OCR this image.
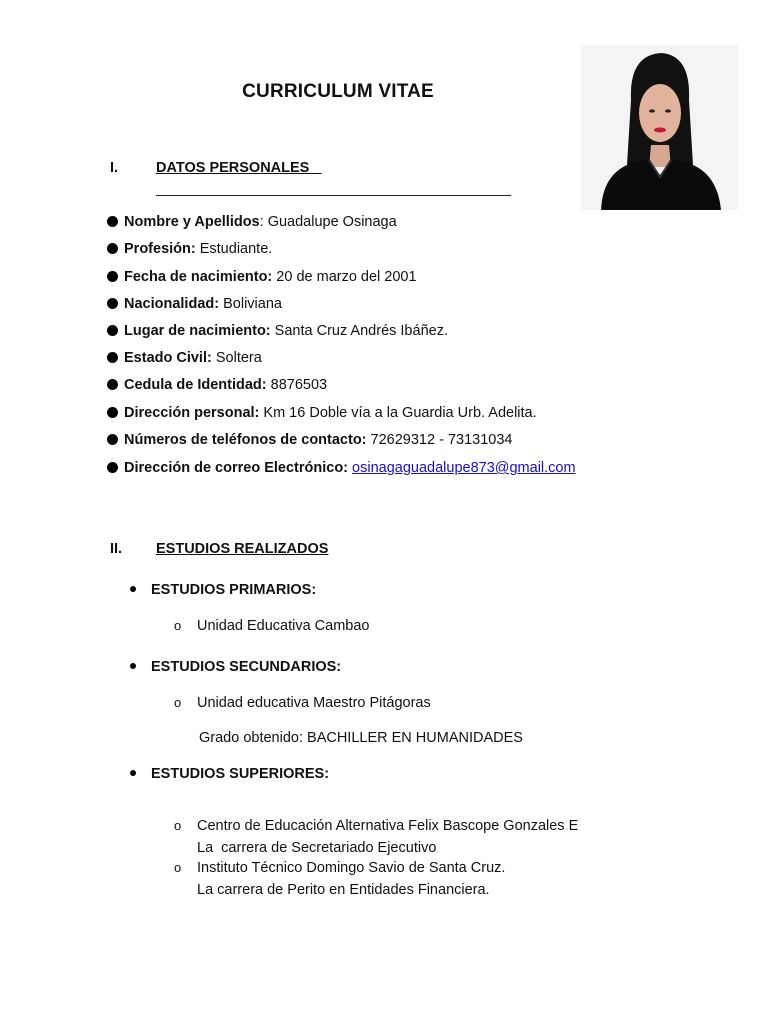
CURRICULUM VITAE
I.	DATOS PERSONALES
Nombre y Apellidos: Guadalupe Osinaga
Profesión: Estudiante.
Fecha de nacimiento: 20 de marzo del 2001
Nacionalidad: Boliviana
Lugar de nacimiento: Santa Cruz Andrés Ibáñez.
Estado Civil: Soltera
Cedula de Identidad: 8876503
Dirección personal: Km 16 Doble vía a la Guardia Urb. Adelita.
Números de teléfonos de contacto: 72629312 - 73131034
Dirección de correo Electrónico: osinagaguadalupe873@gmail.com
II. ESTUDIOS REALIZADOS
ESTUDIOS PRIMARIOS:
o Unidad Educativa Cambao
ESTUDIOS SECUNDARIOS:
o Unidad educativa Maestro Pitágoras
Grado obtenido: BACHILLER EN HUMANIDADES
ESTUDIOS SUPERIORES:
o Centro de Educación Alternativa Felix Bascope Gonzales E
La  carrera de Secretariado Ejecutivo
o Instituto Técnico Domingo Savio de Santa Cruz.
La carrera de Perito en Entidades Financiera.
